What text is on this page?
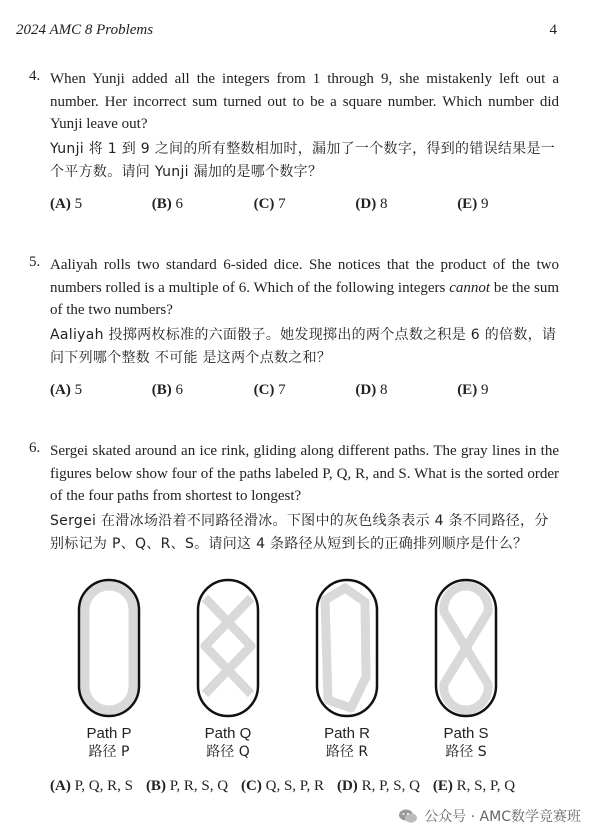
2024 AMC 8 Problems	4
4. When Yunji added all the integers from 1 through 9, she mistakenly left out a number. Her incorrect sum turned out to be a square number. Which number did Yunji leave out?
Yunji 将 1 到 9 之间的所有整数相加时，漏加了一个数字，得到的错误结果是一个平方数。请问 Yunji 漏加的是哪个数字？
(A) 5	(B) 6	(C) 7	(D) 8	(E) 9
5. Aaliyah rolls two standard 6-sided dice. She notices that the product of the two numbers rolled is a multiple of 6. Which of the following integers cannot be the sum of the two numbers?
Aaliyah 投掷两枚标准的六面骰子。她发现掷出的两个点数之积是 6 的倍数，请问下列哪个整数 不可能 是这两个点数之和？
(A) 5	(B) 6	(C) 7	(D) 8	(E) 9
6. Sergei skated around an ice rink, gliding along different paths. The gray lines in the figures below show four of the paths labeled P, Q, R, and S. What is the sorted order of the four paths from shortest to longest?
Sergei 在滑冰场沿着不同路径滑冰。下图中的灰色线条表示 4 条不同路径，分别标记为 P、Q、R、S。请问这 4 条路径从短到长的正确排列顺序是什么？
Path P
路径 P
Path Q
路径 Q
Path R
路径 R
Path S
路径 S
(A) P, Q, R, S (B) P, R, S, Q (C) Q, S, P, R (D) R, P, S, Q (E) R, S, P, Q
公众号 · AMC数学竞赛班
